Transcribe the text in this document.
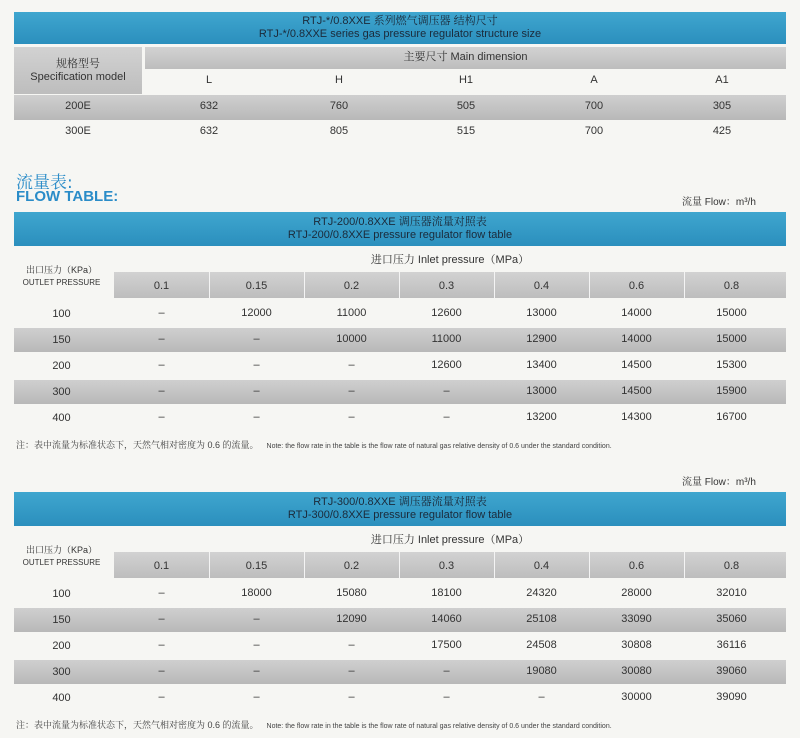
RTJ-*/0.8XXE 系列燃气调压器 结构尺寸
RTJ-*/0.8XXE series gas pressure regulator structure size
规格型号
Specification model
主要尺寸 Main dimension
L	H	H1	A	A1
200E	632	760	505	700	305
300E	632	805	515	700	425
流量表:
FLOW TABLE:	流量 Flow：m³/h
流量 Flow：m³/h
RTJ-200/0.8XXE 调压器流量对照表
RTJ-200/0.8XXE pressure regulator flow table
进口压力 Inlet pressure（MPa）
出口压力（KPa）
OUTLET PRESSURE	0.1	0.15	0.2	0.3	0.4	0.6	0.8
100	–	12000	11000	12600	13000	14000	15000
150	–	–	10000	11000	12900	14000	15000
200	–	–	–	12600	13400	14500	15300
300	–	–	–	–	13000	14500	15900
400	–	–	–	–	13200	14300	16700
注：表中流量为标准状态下，天然气相对密度为 0.6 的流量。 Note: the flow rate in the table is the flow rate of natural gas relative density of 0.6 under the standard condition.
RTJ-300/0.8XXE 调压器流量对照表
RTJ-300/0.8XXE pressure regulator flow table
进口压力 Inlet pressure（MPa）
出口压力（KPa）
OUTLET PRESSURE	0.1	0.15	0.2	0.3	0.4	0.6	0.8
100	–	18000	15080	18100	24320	28000	32010
150	–	–	12090	14060	25108	33090	35060
200	–	–	–	17500	24508	30808	36116
300	–	–	–	–	19080	30080	39060
400	–	–	–	–	–	30000	39090
注：表中流量为标准状态下，天然气相对密度为 0.6 的流量。 Note: the flow rate in the table is the flow rate of natural gas relative density of 0.6 under the standard condition.
